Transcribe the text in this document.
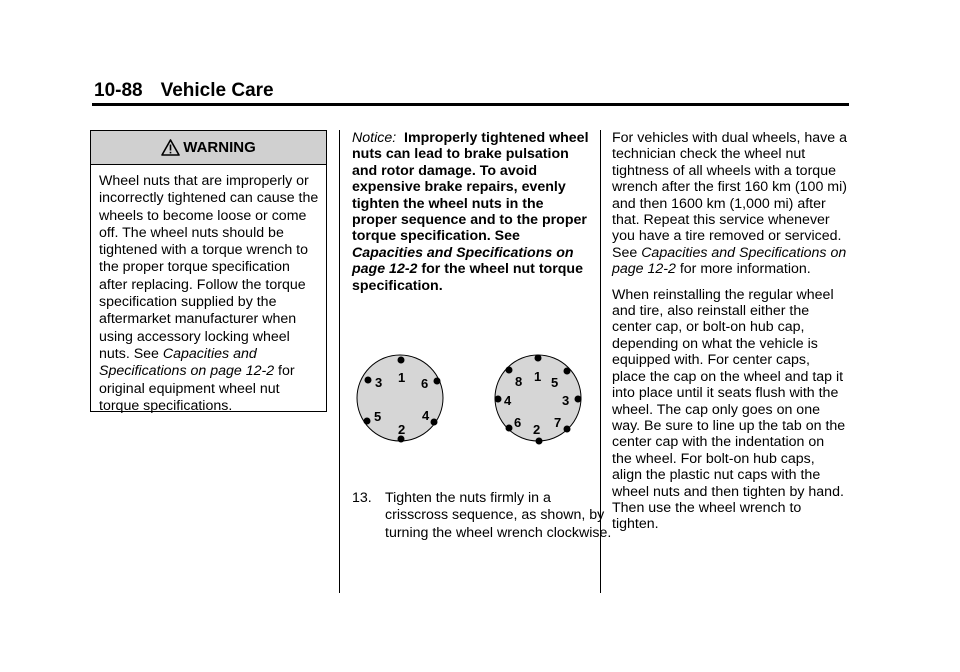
10-88 Vehicle Care
WARNING
Wheel nuts that are improperly or incorrectly tightened can cause the wheels to become loose or come off. The wheel nuts should be tightened with a torque wrench to the proper torque specification after replacing. Follow the torque specification supplied by the aftermarket manufacturer when using accessory locking wheel nuts. See Capacities and Specifications on page 12-2 for original equipment wheel nut torque specifications.
Notice: Improperly tightened wheel nuts can lead to brake pulsation and rotor damage. To avoid expensive brake repairs, evenly tighten the wheel nuts in the proper sequence and to the proper torque specification. See Capacities and Specifications on page 12-2 for the wheel nut torque specification.
1
3	6
5	4
2
1
8 5
4	3
6	7
2
13. Tighten the nuts firmly in a crisscross sequence, as shown, by turning the wheel wrench clockwise.

For vehicles with dual wheels, have a technician check the wheel nut tightness of all wheels with a torque wrench after the first 160 km (100 mi) and then 1600 km (1,000 mi) after that. Repeat this service whenever you have a tire removed or serviced. See Capacities and Specifications on page 12-2 for more information.

When reinstalling the regular wheel and tire, also reinstall either the center cap, or bolt-on hub cap, depending on what the vehicle is equipped with. For center caps, place the cap on the wheel and tap it into place until it seats flush with the wheel. The cap only goes on one way. Be sure to line up the tab on the center cap with the indentation on the wheel. For bolt-on hub caps, align the plastic nut caps with the wheel nuts and then tighten by hand. Then use the wheel wrench to tighten.
